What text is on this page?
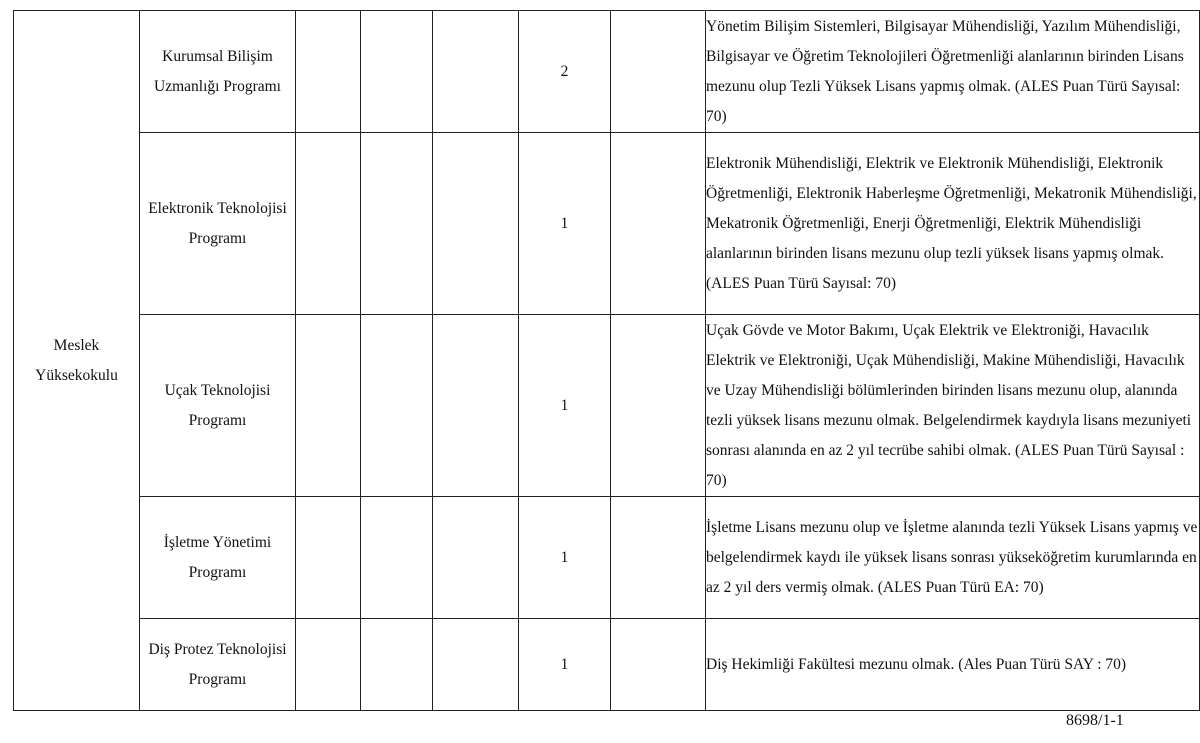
Meslek Yüksekokulu	Kurumsal Bilişim Uzmanlığı Programı				2		Yönetim Bilişim Sistemleri, Bilgisayar Mühendisliği, Yazılım Mühendisliği, Bilgisayar ve Öğretim Teknolojileri Öğretmenliği alanlarının birinden Lisans mezunu olup Tezli Yüksek Lisans yapmış olmak. (ALES Puan Türü Sayısal: 70)
	Elektronik Teknolojisi Programı				1		Elektronik Mühendisliği, Elektrik ve Elektronik Mühendisliği, Elektronik Öğretmenliği, Elektronik Haberleşme Öğretmenliği, Mekatronik Mühendisliği, Mekatronik Öğretmenliği, Enerji Öğretmenliği, Elektrik Mühendisliği alanlarının birinden lisans mezunu olup tezli yüksek lisans yapmış olmak. (ALES Puan Türü Sayısal: 70)
	Uçak Teknolojisi Programı				1		Uçak Gövde ve Motor Bakımı, Uçak Elektrik ve Elektroniği, Havacılık Elektrik ve Elektroniği, Uçak Mühendisliği, Makine Mühendisliği, Havacılık ve Uzay Mühendisliği bölümlerinden birinden lisans mezunu olup, alanında tezli yüksek lisans mezunu olmak. Belgelendirmek kaydıyla lisans mezuniyeti sonrası alanında en az 2 yıl tecrübe sahibi olmak. (ALES Puan Türü Sayısal : 70)
	İşletme Yönetimi Programı				1		İşletme Lisans mezunu olup ve İşletme alanında tezli Yüksek Lisans yapmış ve belgelendirmek kaydı ile yüksek lisans sonrası yükseköğretim kurumlarında en az 2 yıl ders vermiş olmak. (ALES Puan Türü EA: 70)
	Diş Protez Teknolojisi Programı				1		Diş Hekimliği Fakültesi mezunu olmak. (Ales Puan Türü SAY : 70)
8698/1-1
